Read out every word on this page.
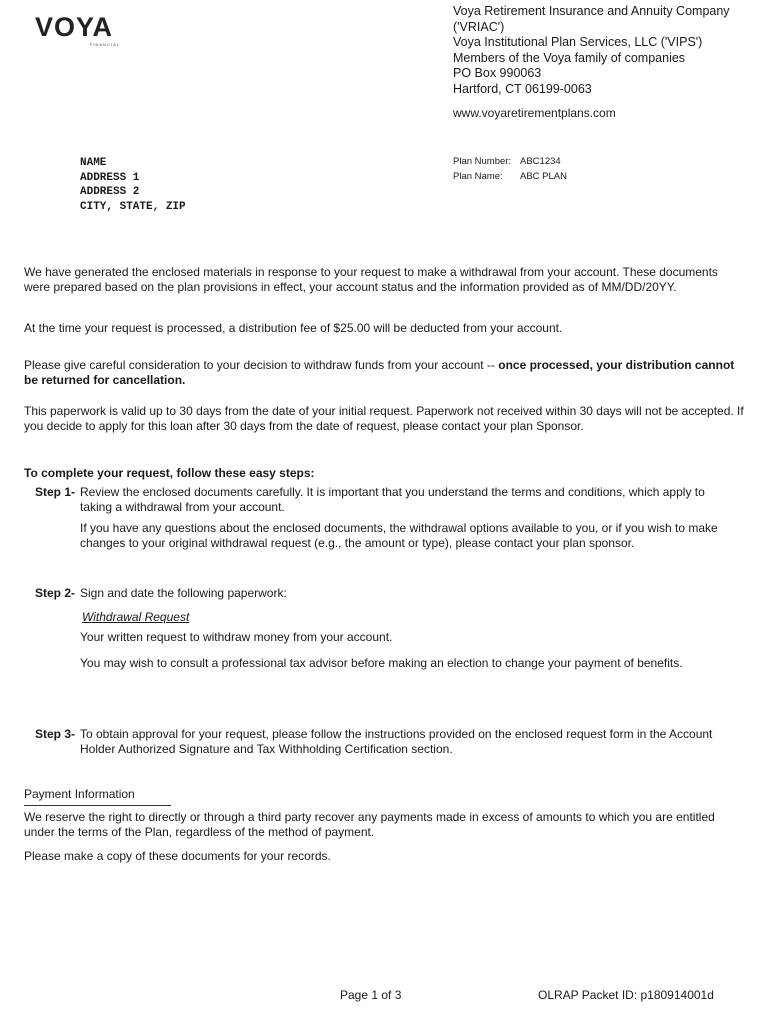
VOYA
FINANCIAL
Voya Retirement Insurance and Annuity Company
('VRIAC')
Voya Institutional Plan Services, LLC ('VIPS')
Members of the Voya family of companies
PO Box 990063
Hartford, CT 06199-0063
www.voyaretirementplans.com
NAME
ADDRESS 1
ADDRESS 2
CITY, STATE, ZIP
Plan Number: ABC1234
Plan Name: ABC PLAN
We have generated the enclosed materials in response to your request to make a withdrawal from your account. These documents were prepared based on the plan provisions in effect, your account status and the information provided as of MM/DD/20YY.
At the time your request is processed, a distribution fee of $25.00 will be deducted from your account.
Please give careful consideration to your decision to withdraw funds from your account -- once processed, your distribution cannot be returned for cancellation.
This paperwork is valid up to 30 days from the date of your initial request. Paperwork not received within 30 days will not be accepted. If you decide to apply for this loan after 30 days from the date of request, please contact your plan Sponsor.
To complete your request, follow these easy steps:
Step 1- Review the enclosed documents carefully. It is important that you understand the terms and conditions, which apply to taking a withdrawal from your account.
If you have any questions about the enclosed documents, the withdrawal options available to you, or if you wish to make changes to your original withdrawal request (e.g., the amount or type), please contact your plan sponsor.
Step 2- Sign and date the following paperwork:
Withdrawal Request
Your written request to withdraw money from your account.
You may wish to consult a professional tax advisor before making an election to change your payment of benefits.
Step 3- To obtain approval for your request, please follow the instructions provided on the enclosed request form in the Account Holder Authorized Signature and Tax Withholding Certification section.
Payment Information
We reserve the right to directly or through a third party recover any payments made in excess of amounts to which you are entitled under the terms of the Plan, regardless of the method of payment.
Please make a copy of these documents for your records.
Page 1 of 3	OLRAP Packet ID: p180914001d
